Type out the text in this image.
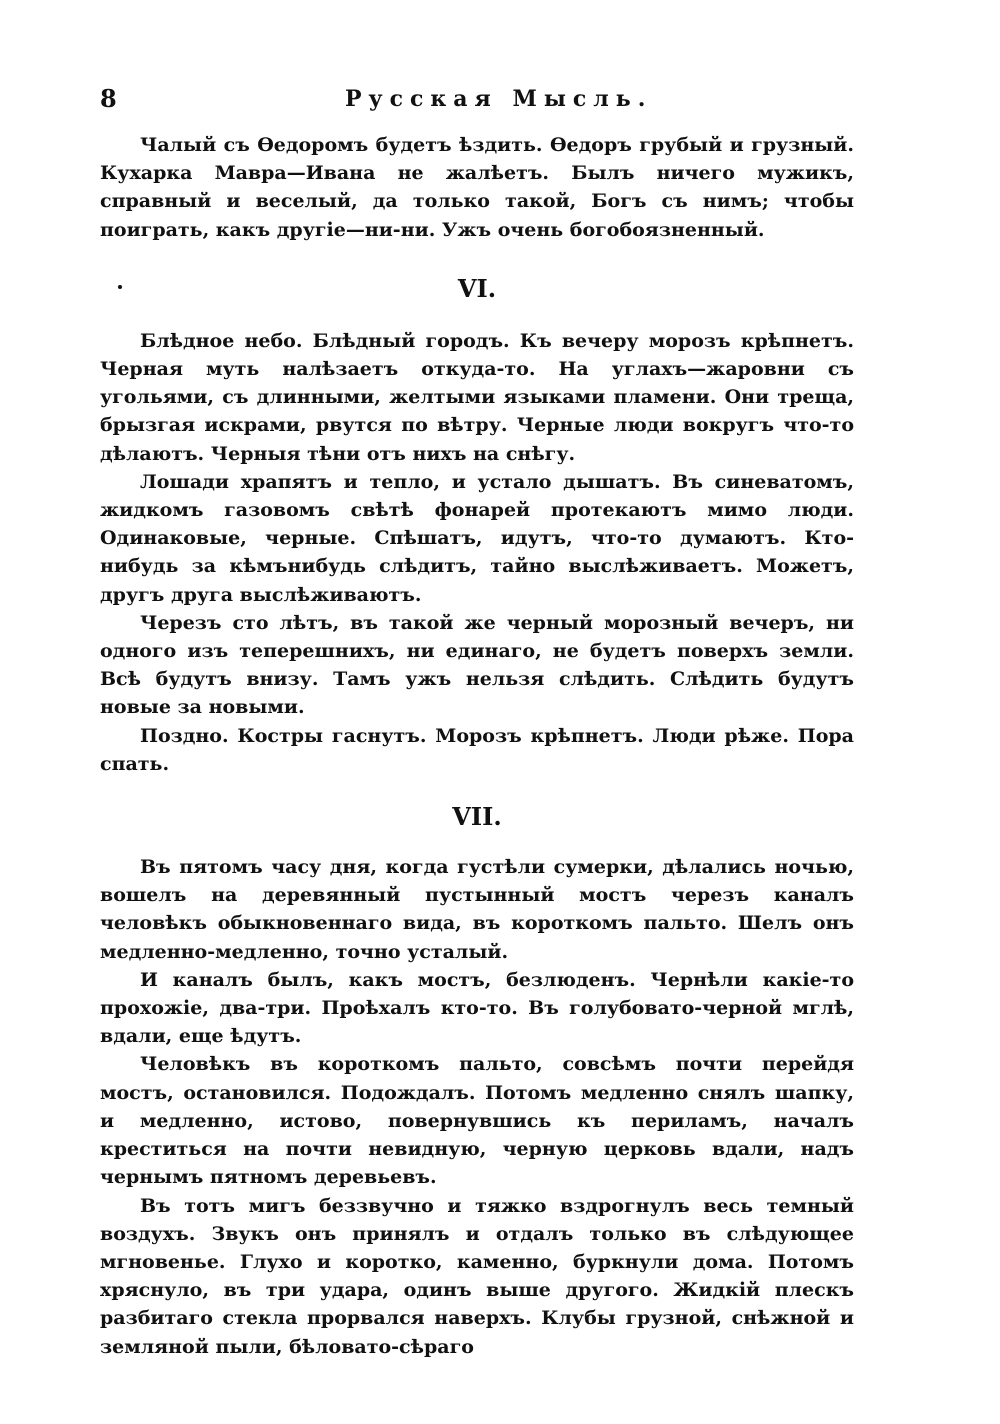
8	Русская Мысль.

Чалый съ Өедоромъ будетъ ѣздить. Өедоръ грубый и грузный. Кухарка Мавра—Ивана не жалѣетъ. Былъ ничего мужикъ, справный и веселый, да только такой, Богъ съ нимъ; чтобы поиграть, какъ другіе—ни-ни. Ужъ очень богобоязненный.

VI.

Блѣдное небо. Блѣдный городъ. Къ вечеру морозъ крѣпнетъ. Черная муть налѣзаетъ откуда-то. На углахъ—жаровни съ угольями, съ длинными, желтыми языками пламени. Они треща, брызгая искрами, рвутся по вѣтру. Черные люди вокругъ что-то дѣлаютъ. Черныя тѣни отъ нихъ на снѣгу.

Лошади храпятъ и тепло, и устало дышатъ. Въ синеватомъ, жидкомъ газовомъ свѣтѣ фонарей протекаютъ мимо люди. Одинаковые, черные. Спѣшатъ, идутъ, что-то думаютъ. Кто-нибудь за кѣмънибудь слѣдитъ, тайно выслѣживаетъ. Можетъ, другъ друга выслѣживаютъ.

Черезъ сто лѣтъ, въ такой же черный морозный вечеръ, ни одного изъ теперешнихъ, ни единаго, не будетъ поверхъ земли. Всѣ будутъ внизу. Тамъ ужъ нельзя слѣдить. Слѣдить будутъ новые за новыми.

Поздно. Костры гаснутъ. Морозъ крѣпнетъ. Люди рѣже. Пора спать.

VII.

Въ пятомъ часу дня, когда густѣли сумерки, дѣлались ночью, вошелъ на деревянный пустынный мостъ черезъ каналъ человѣкъ обыкновеннаго вида, въ короткомъ пальто. Шелъ онъ медленно-медленно, точно усталый.

И каналъ былъ, какъ мостъ, безлюденъ. Чернѣли какіе-то прохожіе, два-три. Проѣхалъ кто-то. Въ голубовато-черной мглѣ, вдали, еще ѣдутъ.

Человѣкъ въ короткомъ пальто, совсѣмъ почти перейдя мостъ, остановился. Подождалъ. Потомъ медленно снялъ шапку, и медленно, истово, повернувшись къ периламъ, началъ креститься на почти невидную, черную церковь вдали, надъ чернымъ пятномъ деревьевъ.

Въ тотъ мигъ беззвучно и тяжко вздрогнулъ весь темный воздухъ. Звукъ онъ принялъ и отдалъ только въ слѣдующее мгновенье. Глухо и коротко, каменно, буркнули дома. Потомъ хряснуло, въ три удара, одинъ выше другого. Жидкій плескъ разбитаго стекла прорвался наверхъ. Клубы грузной, снѣжной и земляной пыли, бѣловато-сѣраго
